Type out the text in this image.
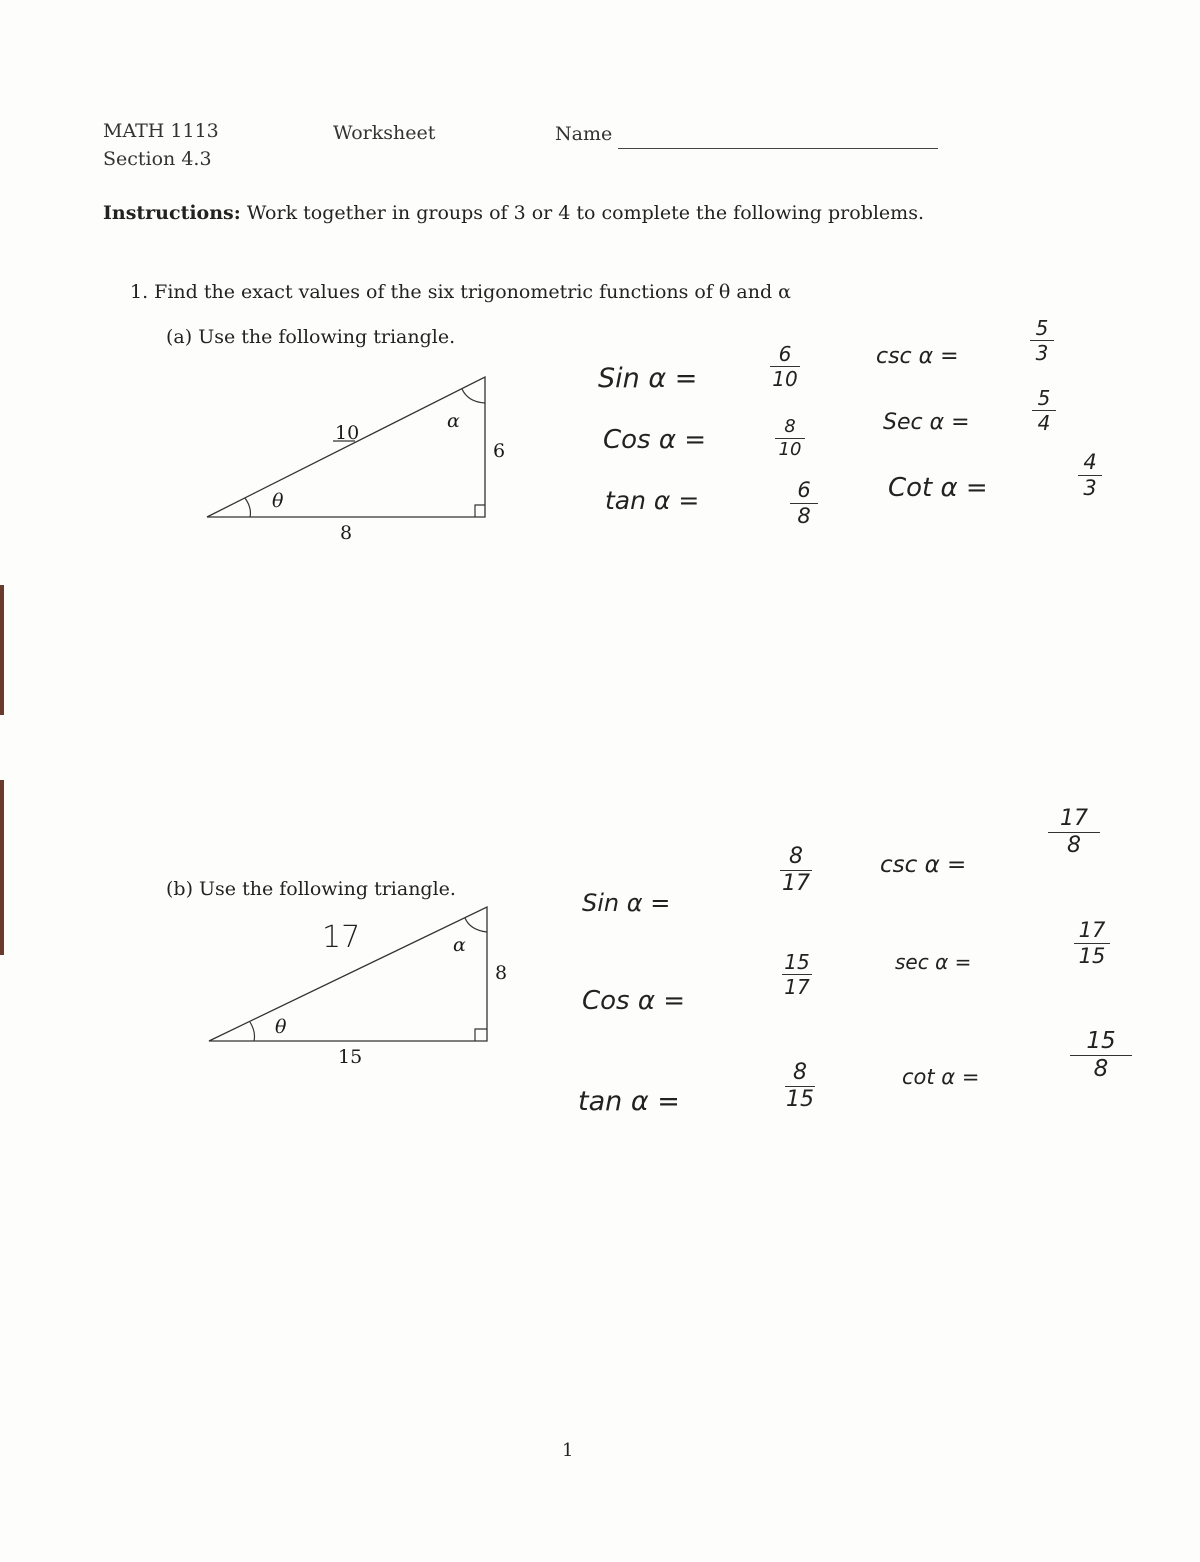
MATH 1113
Section 4.3
Worksheet	Name
Instructions: Work together in groups of 3 or 4 to complete the following problems.
1. Find the exact values of the six trigonometric functions of θ and α
(a) Use the following triangle.
10
6
8
θ
α
Sin α =
6
10
Cos α =	8
10
tan α =	6
8
csc α =
5
3
Sec α =
5
4
Cot α =
4
3
(b) Use the following triangle.
17
8
15
θ
α
Sin α =
8
17
Cos α =
15
17
tan α =
8
15
csc α =
17
8
sec α =
17
15
cot α =
15
8
1
